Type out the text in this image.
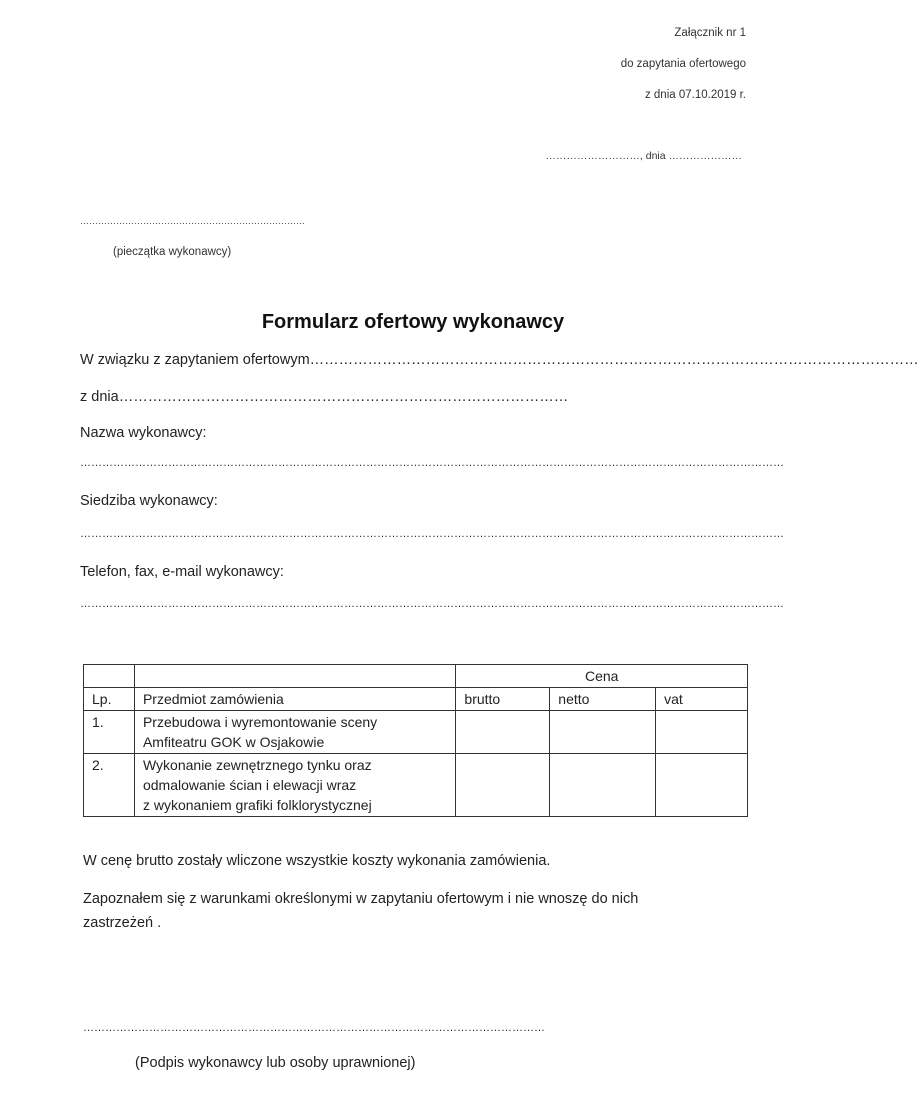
Załącznik nr 1
do zapytania ofertowego
z dnia 07.10.2019 r.
………………………, dnia …………………
…………………………………………………………………
(pieczątka wykonawcy)
Formularz ofertowy wykonawcy
W związku z zapytaniem ofertowym………………………………………………………………………………………………………………
z dnia…………………………………………………………………………………
Nazwa wykonawcy:
…………………………………………………………………………………………………………………………………………………………………………
Siedziba wykonawcy:
…………………………………………………………………………………………………………………………………………………………………………
Telefon, fax, e-mail wykonawcy:
…………………………………………………………………………………………………………………………………………………………………………
		Cena		
Lp.	Przedmiot zamówienia	brutto	netto	vat
1.	Przebudowa i wyremontowanie sceny
Amfiteatru GOK w Osjakowie			

2.	Wykonanie zewnętrznego tynku oraz
odmalowanie ścian i elewacji wraz
z wykonaniem grafiki folklorystycznej			

W cenę brutto zostały wliczone wszystkie koszty wykonania zamówienia.
Zapoznałem się z warunkami określonymi w zapytaniu ofertowym i nie wnoszę do nich
zastrzeżeń .
………………………………………………………………………………………………………………
(Podpis wykonawcy lub osoby uprawnionej)
